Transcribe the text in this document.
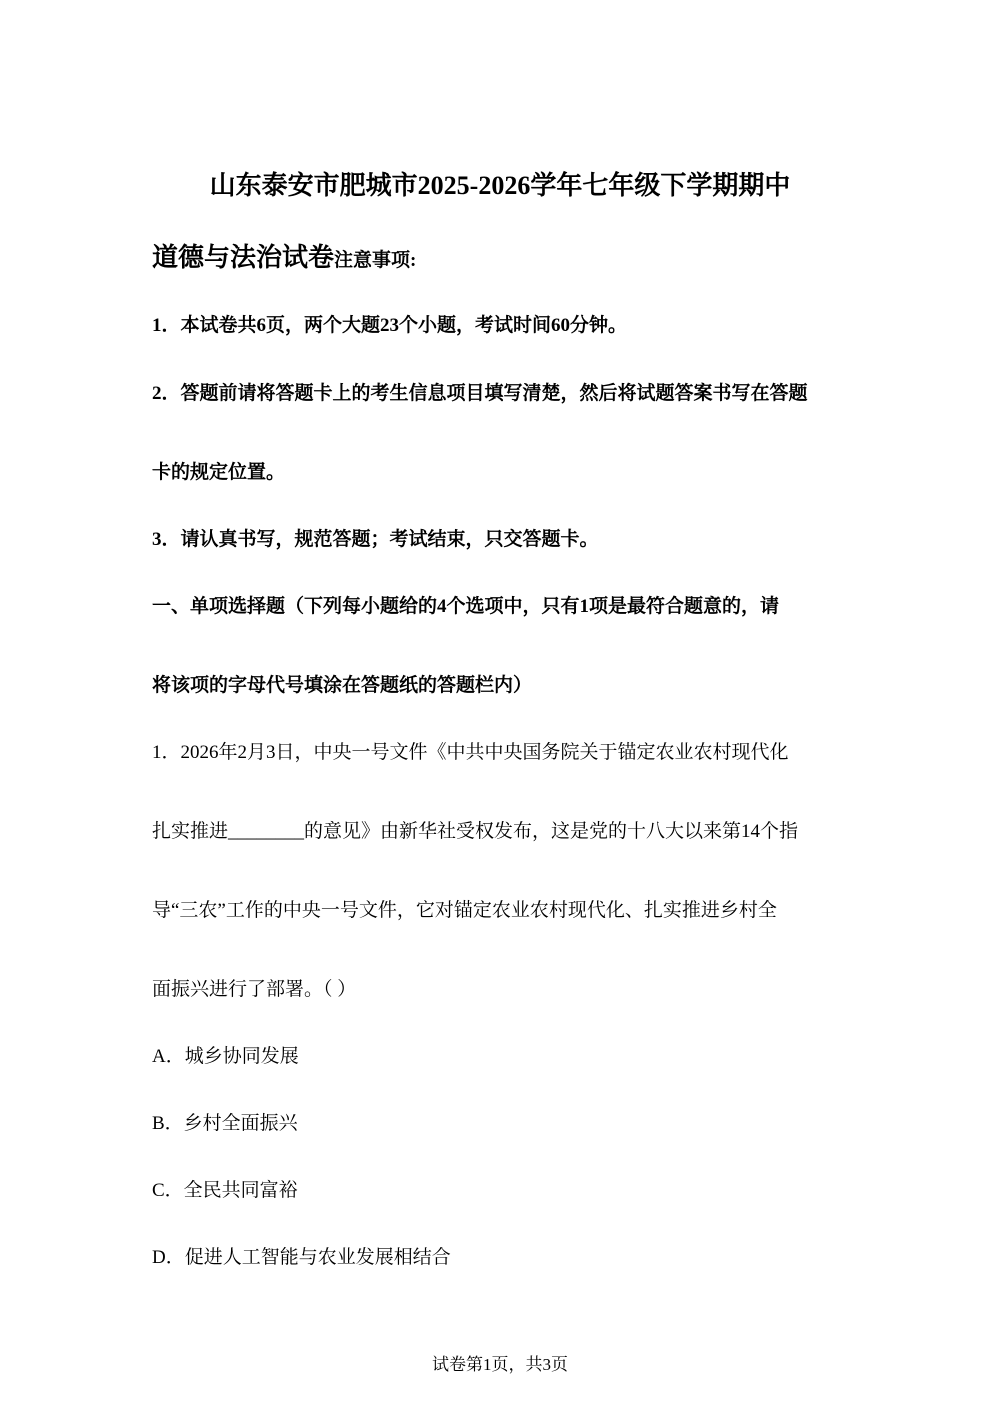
山东泰安市肥城市2025-2026学年七年级下学期期中
道德与法治试卷注意事项:
1．本试卷共6页，两个大题23个小题，考试时间60分钟。
2．答题前请将答题卡上的考生信息项目填写清楚，然后将试题答案书写在答题
卡的规定位置。
3．请认真书写，规范答题；考试结束，只交答题卡。
一、单项选择题（下列每小题给的4个选项中，只有1项是最符合题意的，请
将该项的字母代号填涂在答题纸的答题栏内）
1．2026年2月3日，中央一号文件《中共中央国务院关于锚定农业农村现代化
扎实推进________的意见》由新华社受权发布，这是党的十八大以来第14个指
导“三农”工作的中央一号文件，它对锚定农业农村现代化、扎实推进乡村全
面振兴进行了部署。（ ）
A．城乡协同发展
B．乡村全面振兴
C．全民共同富裕
D．促进人工智能与农业发展相结合
试卷第1页，共3页
